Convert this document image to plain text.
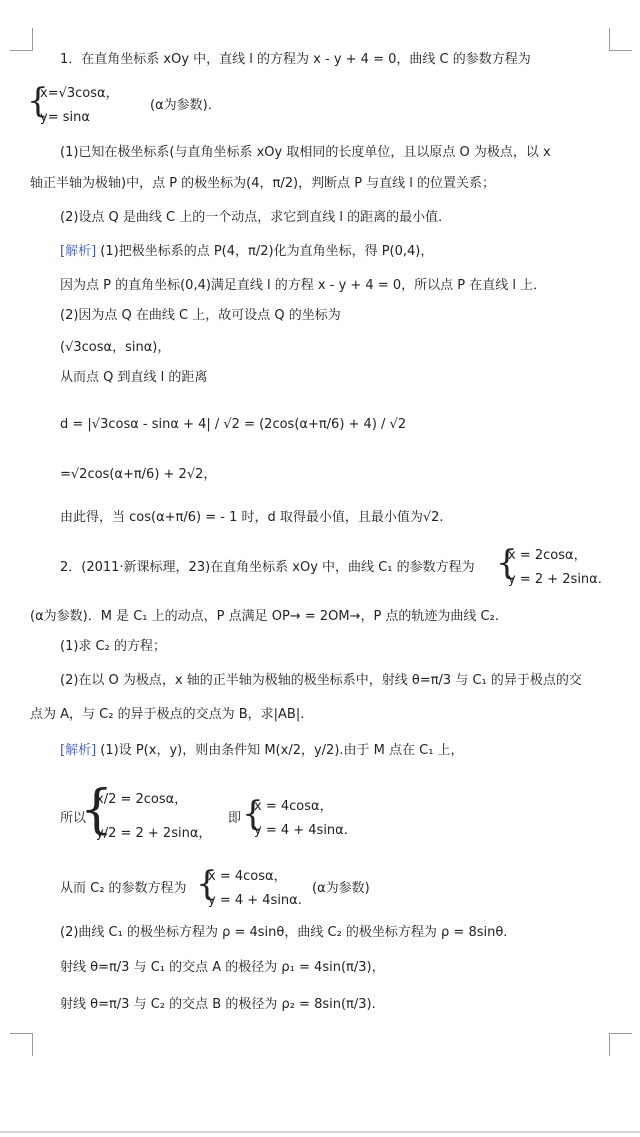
1．在直角坐标系 xOy 中，直线 l 的方程为 x - y + 4 = 0，曲线 C 的参数方程为
{
x=√3cosα，
y= sinα
(α为参数)．
(1)已知在极坐标系(与直角坐标系 xOy 取相同的长度单位，且以原点 O 为极点，以 x
轴正半轴为极轴)中，点 P 的极坐标为(4，π/2)，判断点 P 与直线 l 的位置关系；
(2)设点 Q 是曲线 C 上的一个动点，求它到直线 l 的距离的最小值．
[解析] (1)把极坐标系的点 P(4，π/2)化为直角坐标，得 P(0,4)，
因为点 P 的直角坐标(0,4)满足直线 l 的方程 x - y + 4 = 0，所以点 P 在直线 l 上．
(2)因为点 Q 在曲线 C 上，故可设点 Q 的坐标为
(√3cosα，sinα)，
从而点 Q 到直线 l 的距离
d = |√3cosα - sinα + 4| / √2 = (2cos(α+π/6) + 4) / √2
=√2cos(α+π/6) + 2√2，
由此得，当 cos(α+π/6) = - 1 时，d 取得最小值，且最小值为√2.
2．(2011·新课标理，23)在直角坐标系 xOy 中，曲线 C₁ 的参数方程为 {
x = 2cosα，
y = 2 + 2sinα.
(α为参数)．M 是 C₁ 上的动点，P 点满足 OP→ = 2OM→，P 点的轨迹为曲线 C₂.
(1)求 C₂ 的方程；
(2)在以 O 为极点，x 轴的正半轴为极轴的极坐标系中，射线 θ=π/3 与 C₁ 的异于极点的交
点为 A，与 C₂ 的异于极点的交点为 B，求|AB|.
[解析] (1)设 P(x，y)，则由条件知 M(x/2，y/2).由于 M 点在 C₁ 上，
所以
{
x/2 = 2cosα，
y/2 = 2 + 2sinα，
即 {
x = 4cosα，
y = 4 + 4sinα.
从而 C₂ 的参数方程为 {
x = 4cosα，
y = 4 + 4sinα.
(α为参数)
(2)曲线 C₁ 的极坐标方程为 ρ = 4sinθ，曲线 C₂ 的极坐标方程为 ρ = 8sinθ.
射线 θ=π/3 与 C₁ 的交点 A 的极径为 ρ₁ = 4sin(π/3)，
射线 θ=π/3 与 C₂ 的交点 B 的极径为 ρ₂ = 8sin(π/3).
